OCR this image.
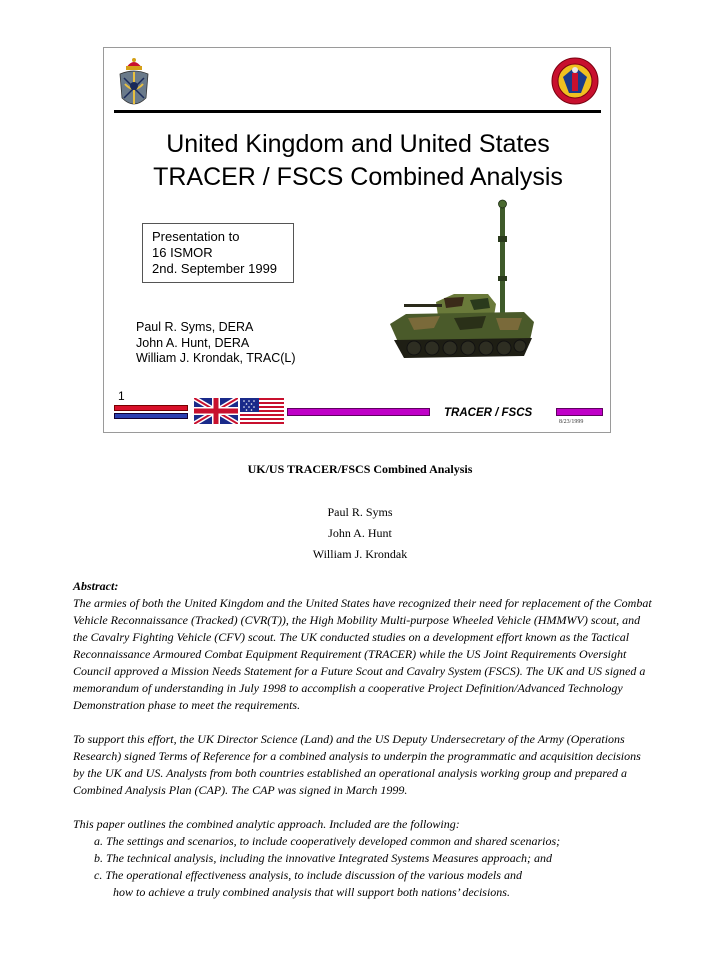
United Kingdom and United States
TRACER / FSCS Combined Analysis
Presentation to
16 ISMOR
2nd. September 1999
Paul R. Syms, DERA
John A. Hunt, DERA
William J. Krondak, TRAC(L)
1
TRACER / FSCS
8/23/1999
UK/US TRACER/FSCS Combined Analysis
Paul R. Syms
John A. Hunt
William J. Krondak

Abstract:

The armies of both the United Kingdom and the United States have recognized their need for replacement of the Combat Vehicle Reconnaissance (Tracked) (CVR(T)), the High Mobility Multi-purpose Wheeled Vehicle (HMMWV) scout, and the Cavalry Fighting Vehicle (CFV) scout. The UK conducted studies on a development effort known as the Tactical Reconnaissance Armoured Combat Equipment Requirement (TRACER) while the US Joint Requirements Oversight Council approved a Mission Needs Statement for a Future Scout and Cavalry System (FSCS). The UK and US signed a memorandum of understanding in July 1998 to accomplish a cooperative Project Definition/Advanced Technology Demonstration phase to meet the requirements.

To support this effort, the UK Director Science (Land) and the US Deputy Undersecretary of the Army (Operations Research) signed Terms of Reference for a combined analysis to underpin the programmatic and acquisition decisions by the UK and US. Analysts from both countries established an operational analysis working group and prepared a Combined Analysis Plan (CAP). The CAP was signed in March 1999.

This paper outlines the combined analytic approach. Included are the following:

a. The settings and scenarios, to include cooperatively developed common and shared scenarios;
b. The technical analysis, including the innovative Integrated Systems Measures approach; and
c. The operational effectiveness analysis, to include discussion of the various models and
how to achieve a truly combined analysis that will support both nations’ decisions.
